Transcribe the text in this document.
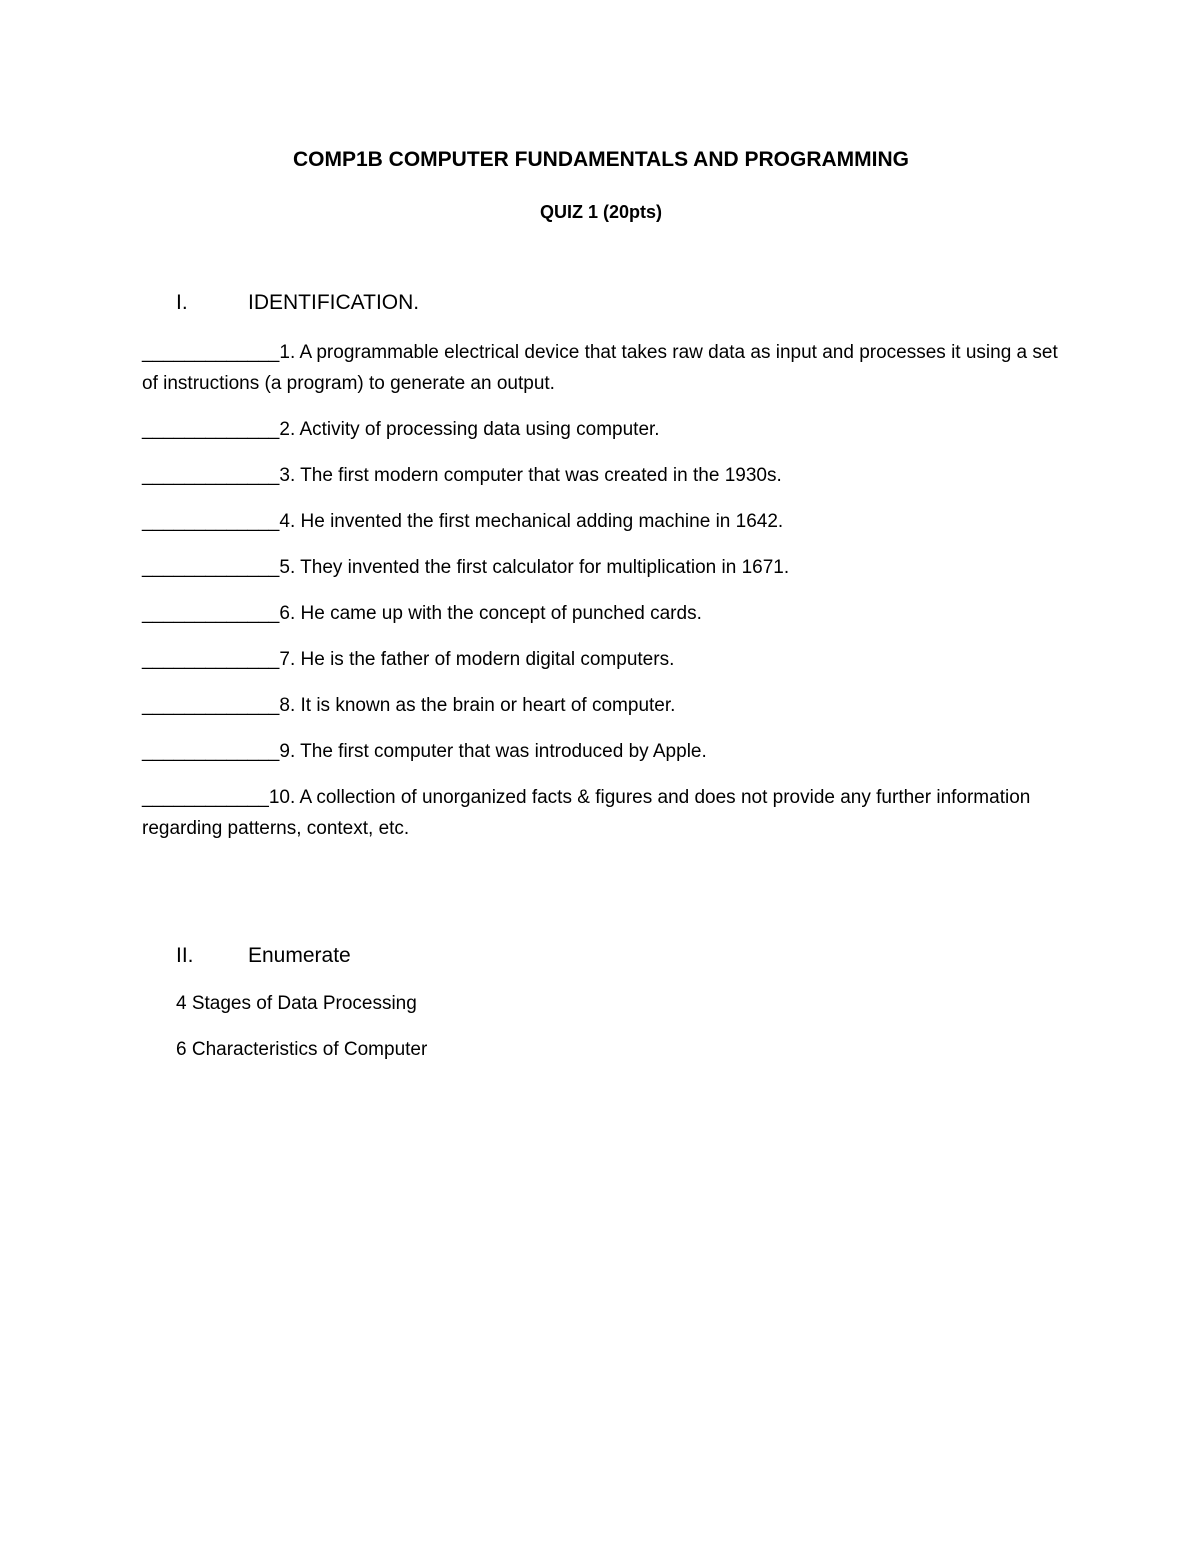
COMP1B COMPUTER FUNDAMENTALS AND PROGRAMMING
QUIZ 1 (20pts)
I.	IDENTIFICATION.
_____________1. A programmable electrical device that takes raw data as input and processes it using a set of instructions (a program) to generate an output.
_____________2. Activity of processing data using computer.
_____________3. The first modern computer that was created in the 1930s.
_____________4. He invented the first mechanical adding machine in 1642.
_____________5. They invented the first calculator for multiplication in 1671.
_____________6. He came up with the concept of punched cards.
_____________7. He is the father of modern digital computers.
_____________8. It is known as the brain or heart of computer.
_____________9. The first computer that was introduced by Apple.
____________10. A collection of unorganized facts & figures and does not provide any further information regarding patterns, context, etc.
II.	Enumerate
4 Stages of Data Processing
6 Characteristics of Computer
